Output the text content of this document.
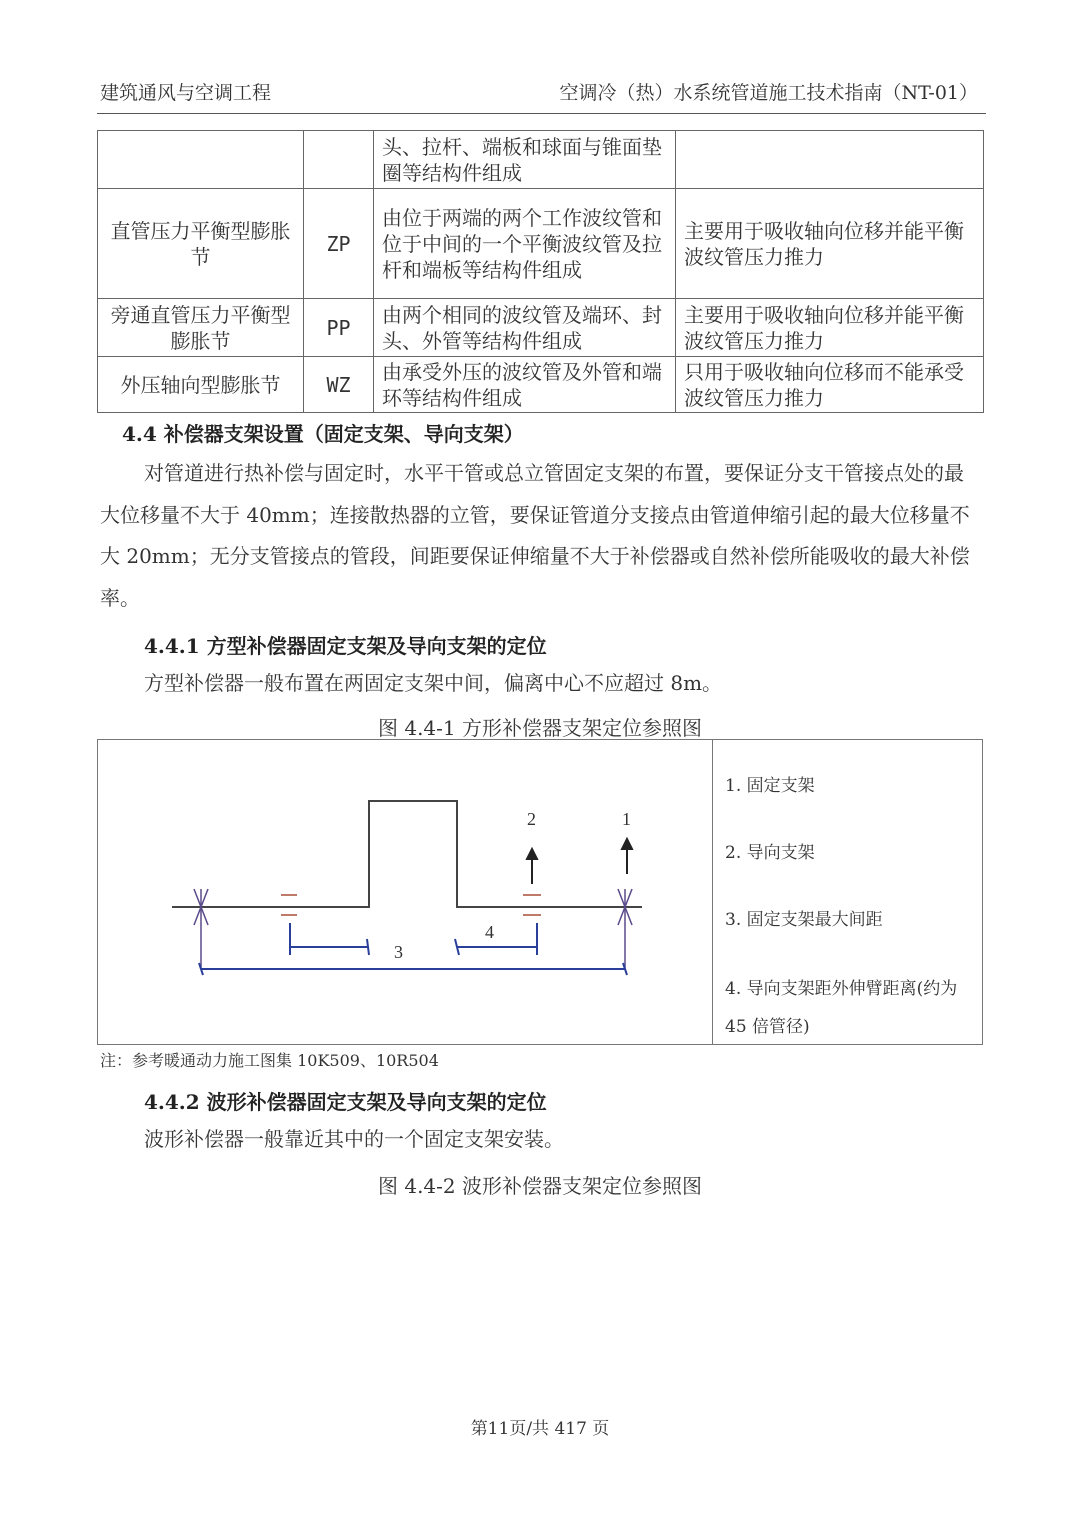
建筑通风与空调工程	空调冷（热）水系统管道施工技术指南（NT-01）
		头、拉杆、端板和球面与锥面垫圈等结构件组成	
直管压力平衡型膨胀节	ZP	由位于两端的两个工作波纹管和位于中间的一个平衡波纹管及拉杆和端板等结构件组成	主要用于吸收轴向位移并能平衡波纹管压力推力
旁通直管压力平衡型膨胀节	PP	由两个相同的波纹管及端环、封头、外管等结构件组成	主要用于吸收轴向位移并能平衡波纹管压力推力
外压轴向型膨胀节	WZ	由承受外压的波纹管及外管和端环等结构件组成	只用于吸收轴向位移而不能承受波纹管压力推力
4.4 补偿器支架设置（固定支架、导向支架）
对管道进行热补偿与固定时，水平干管或总立管固定支架的布置，要保证分支干管接点处的最大位移量不大于 40mm；连接散热器的立管，要保证管道分支接点由管道伸缩引起的最大位移量不大 20mm；无分支管接点的管段，间距要保证伸缩量不大于补偿器或自然补偿所能吸收的最大补偿率。
4.4.1 方型补偿器固定支架及导向支架的定位
方型补偿器一般布置在两固定支架中间，偏离中心不应超过 8m。
图 4.4-1 方形补偿器支架定位参照图
2	1
3
4
1. 固定支架
2. 导向支架
3. 固定支架最大间距
4. 导向支架距外伸臂距离(约为 45 倍管径)
注：参考暖通动力施工图集 10K509、10R504
4.4.2 波形补偿器固定支架及导向支架的定位
波形补偿器一般靠近其中的一个固定支架安装。
图 4.4-2 波形补偿器支架定位参照图
第11页/共 417 页
